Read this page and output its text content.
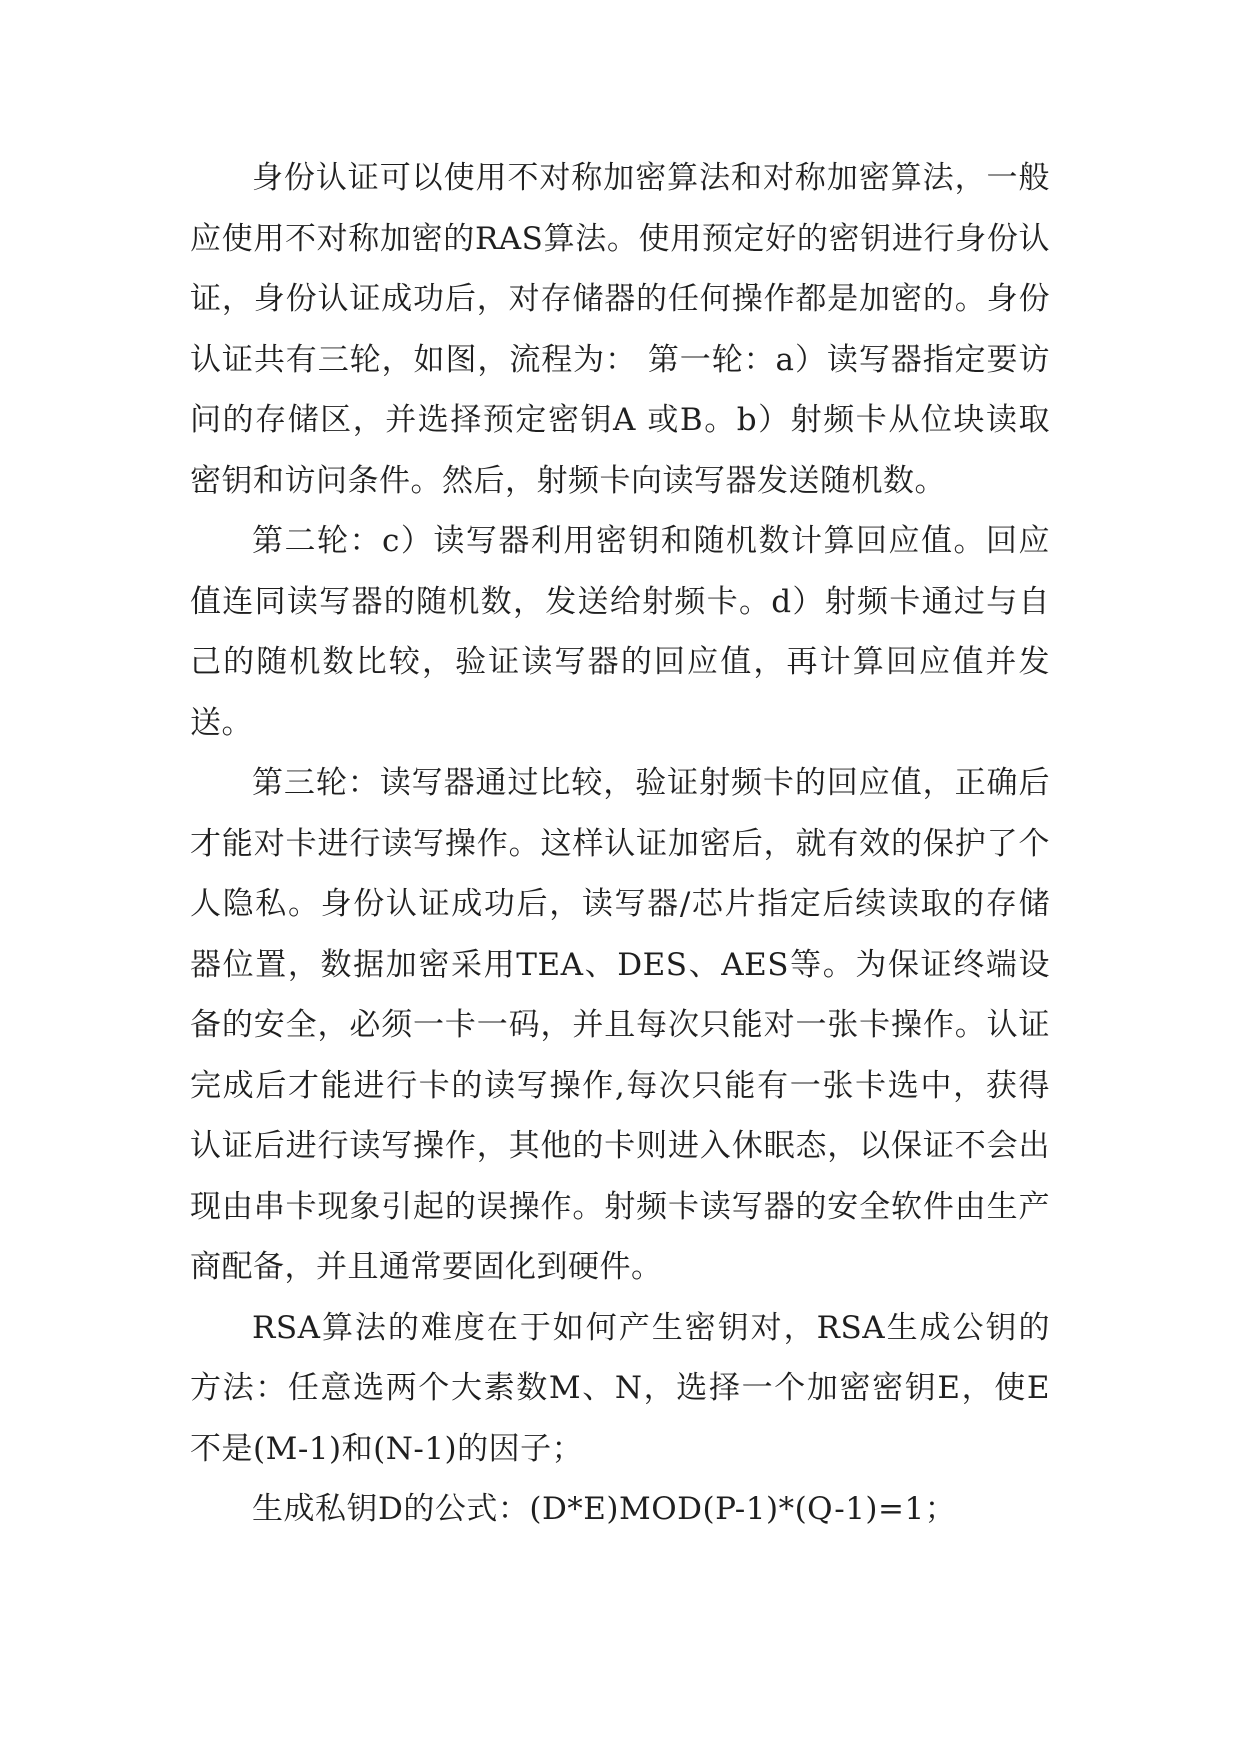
身份认证可以使用不对称加密算法和对称加密算法，一般应使用不对称加密的RAS算法。使用预定好的密钥进行身份认证，身份认证成功后，对存储器的任何操作都是加密的。身份认证共有三轮，如图，流程为： 第一轮：a）读写器指定要访问的存储区，并选择预定密钥A 或B。b）射频卡从位块读取密钥和访问条件。然后，射频卡向读写器发送随机数。

第二轮：c）读写器利用密钥和随机数计算回应值。回应值连同读写器的随机数，发送给射频卡。d）射频卡通过与自己的随机数比较，验证读写器的回应值，再计算回应值并发送。

第三轮：读写器通过比较，验证射频卡的回应值，正确后才能对卡进行读写操作。这样认证加密后，就有效的保护了个人隐私。身份认证成功后，读写器/芯片指定后续读取的存储器位置，数据加密采用TEA、DES、AES等。为保证终端设备的安全，必须一卡一码，并且每次只能对一张卡操作。认证完成后才能进行卡的读写操作,每次只能有一张卡选中，获得认证后进行读写操作，其他的卡则进入休眠态，以保证不会出现由串卡现象引起的误操作。射频卡读写器的安全软件由生产商配备，并且通常要固化到硬件。

RSA算法的难度在于如何产生密钥对，RSA生成公钥的方法：任意选两个大素数M、N，选择一个加密密钥E，使E不是(M-1)和(N-1)的因子；

生成私钥D的公式：(D*E)MOD(P-1)*(Q-1)=1；
